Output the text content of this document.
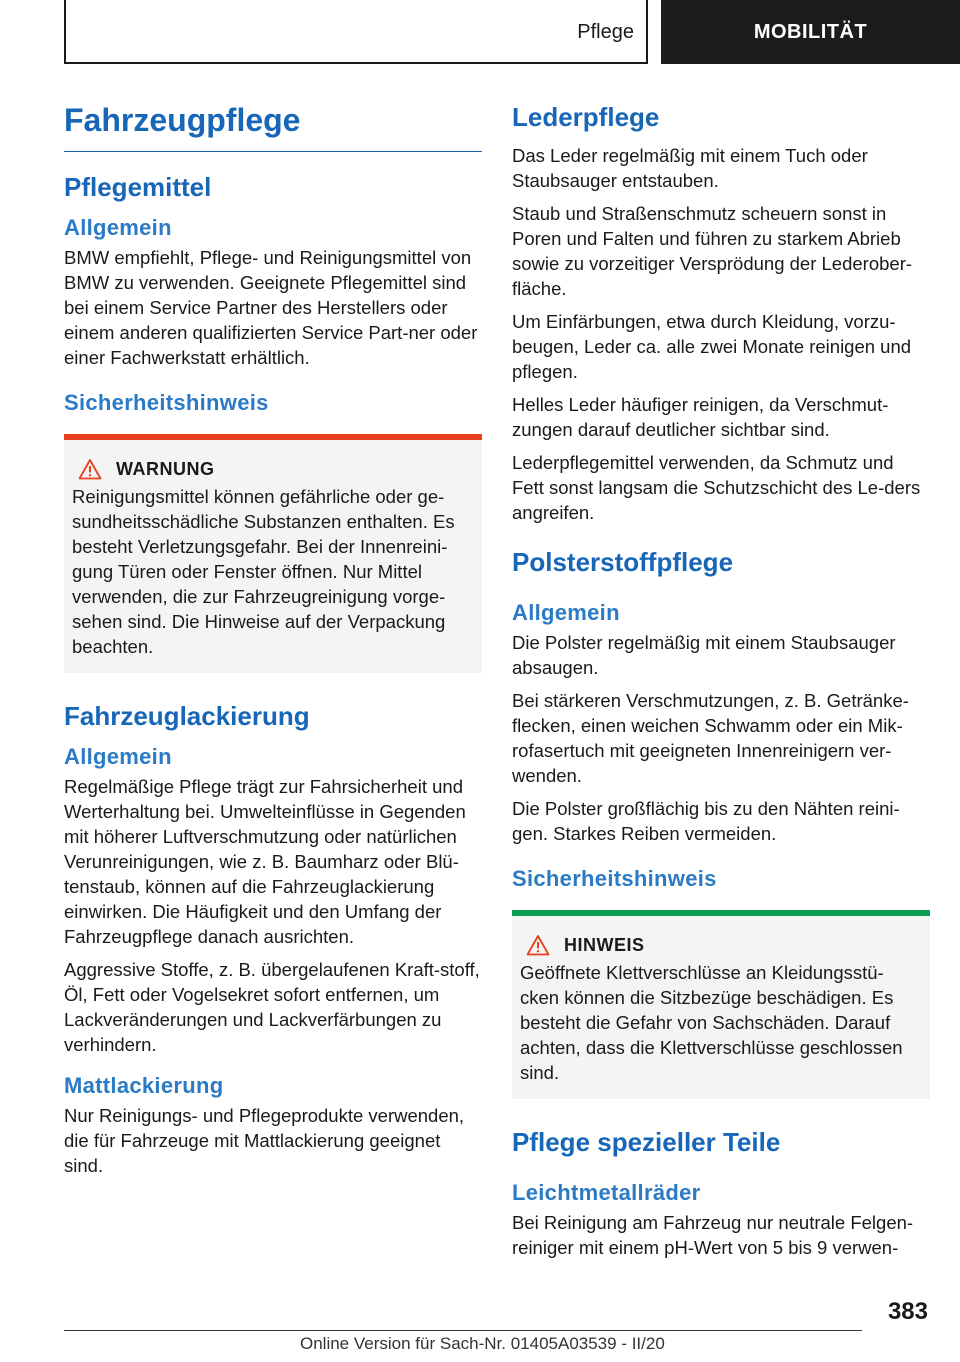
Pflege	MOBILITÄT
Fahrzeugpflege
Pflegemittel
Allgemein

BMW empfiehlt, Pflege- und Reinigungsmittel von BMW zu verwenden. Geeignete Pflegemittel sind bei einem Service Partner des Herstellers oder einem anderen qualifizierten Service Part-ner oder einer Fachwerkstatt erhältlich.

Sicherheitshinweis
WARNUNG

Reinigungsmittel können gefährliche oder ge-sundheitsschädliche Substanzen enthalten. Es besteht Verletzungsgefahr. Bei der Innenreini-gung Türen oder Fenster öffnen. Nur Mittel verwenden, die zur Fahrzeugreinigung vorge-sehen sind. Die Hinweise auf der Verpackung beachten.

Fahrzeuglackierung
Allgemein

Regelmäßige Pflege trägt zur Fahrsicherheit und Werterhaltung bei. Umwelteinflüsse in Gegenden mit höherer Luftverschmutzung oder natürlichen Verunreinigungen, wie z. B. Baumharz oder Blü-tenstaub, können auf die Fahrzeuglackierung einwirken. Die Häufigkeit und den Umfang der Fahrzeugpflege danach ausrichten.

Aggressive Stoffe, z. B. übergelaufenen Kraft-stoff, Öl, Fett oder Vogelsekret sofort entfernen, um Lackveränderungen und Lackverfärbungen zu verhindern.

Mattlackierung

Nur Reinigungs- und Pflegeprodukte verwenden, die für Fahrzeuge mit Mattlackierung geeignet sind.

Lederpflege

Das Leder regelmäßig mit einem Tuch oder Staubsauger entstauben.

Staub und Straßenschmutz scheuern sonst in Poren und Falten und führen zu starkem Abrieb sowie zu vorzeitiger Versprödung der Lederober-fläche.

Um Einfärbungen, etwa durch Kleidung, vorzu-beugen, Leder ca. alle zwei Monate reinigen und pflegen.

Helles Leder häufiger reinigen, da Verschmut-zungen darauf deutlicher sichtbar sind.

Lederpflegemittel verwenden, da Schmutz und Fett sonst langsam die Schutzschicht des Le-ders angreifen.

Polsterstoffpflege
Allgemein

Die Polster regelmäßig mit einem Staubsauger absaugen.

Bei stärkeren Verschmutzungen, z. B. Getränke-flecken, einen weichen Schwamm oder ein Mik-rofasertuch mit geeigneten Innenreinigern ver-wenden.

Die Polster großflächig bis zu den Nähten reini-gen. Starkes Reiben vermeiden.

Sicherheitshinweis
HINWEIS

Geöffnete Klettverschlüsse an Kleidungsstü-cken können die Sitzbezüge beschädigen. Es besteht die Gefahr von Sachschäden. Darauf achten, dass die Klettverschlüsse geschlossen sind.

Pflege spezieller Teile
Leichtmetallräder

Bei Reinigung am Fahrzeug nur neutrale Felgen-reiniger mit einem pH-Wert von 5 bis 9 verwen-

383
Online Version für Sach-Nr. 01405A03539 - II/20
